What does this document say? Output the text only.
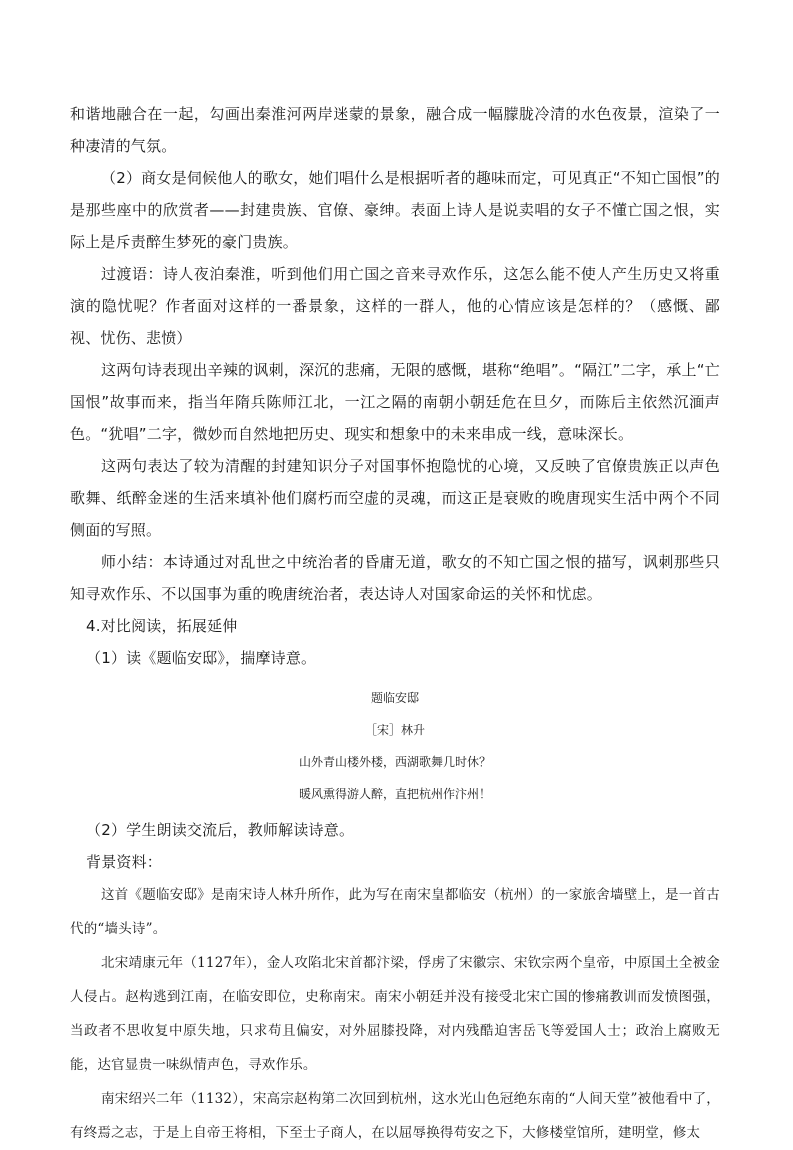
和谐地融合在一起，勾画出秦淮河两岸迷蒙的景象，融合成一幅朦胧冷清的水色夜景，渲染了一种凄清的气氛。

（2）商女是伺候他人的歌女，她们唱什么是根据听者的趣味而定，可见真正“不知亡国恨”的是那些座中的欣赏者——封建贵族、官僚、豪绅。表面上诗人是说卖唱的女子不懂亡国之恨，实际上是斥责醉生梦死的豪门贵族。

过渡语：诗人夜泊秦淮，听到他们用亡国之音来寻欢作乐，这怎么能不使人产生历史又将重演的隐忧呢？作者面对这样的一番景象，这样的一群人，他的心情应该是怎样的？（感慨、鄙视、忧伤、悲愤）

这两句诗表现出辛辣的讽刺，深沉的悲痛，无限的感慨，堪称“绝唱”。“隔江”二字，承上“亡国恨”故事而来，指当年隋兵陈师江北，一江之隔的南朝小朝廷危在旦夕，而陈后主依然沉湎声色。“犹唱”二字，微妙而自然地把历史、现实和想象中的未来串成一线，意味深长。

这两句表达了较为清醒的封建知识分子对国事怀抱隐忧的心境，又反映了官僚贵族正以声色歌舞、纸醉金迷的生活来填补他们腐朽而空虚的灵魂，而这正是衰败的晚唐现实生活中两个不同侧面的写照。

师小结：本诗通过对乱世之中统治者的昏庸无道，歌女的不知亡国之恨的描写，讽刺那些只知寻欢作乐、不以国事为重的晚唐统治者，表达诗人对国家命运的关怀和忧虑。

4.对比阅读，拓展延伸

（1）读《题临安邸》，揣摩诗意。

题临安邸

［宋］林升

山外青山楼外楼，西湖歌舞几时休？

暖风熏得游人醉，直把杭州作汴州！

（2）学生朗读交流后，教师解读诗意。

背景资料：

这首《题临安邸》是南宋诗人林升所作，此为写在南宋皇都临安（杭州）的一家旅舍墙壁上，是一首古代的“墙头诗”。

北宋靖康元年（1127年），金人攻陷北宋首都汴梁，俘虏了宋徽宗、宋钦宗两个皇帝，中原国土全被金人侵占。赵构逃到江南，在临安即位，史称南宋。南宋小朝廷并没有接受北宋亡国的惨痛教训而发愤图强，当政者不思收复中原失地，只求苟且偏安，对外屈膝投降，对内残酷迫害岳飞等爱国人士；政治上腐败无能，达官显贵一味纵情声色，寻欢作乐。

南宋绍兴二年（1132），宋高宗赵构第二次回到杭州，这水光山色冠绝东南的“人间天堂”被他看中了，有终焉之志，于是上自帝王将相，下至士子商人，在以屈辱换得苟安之下，大修楼堂馆所，建明堂，修太
